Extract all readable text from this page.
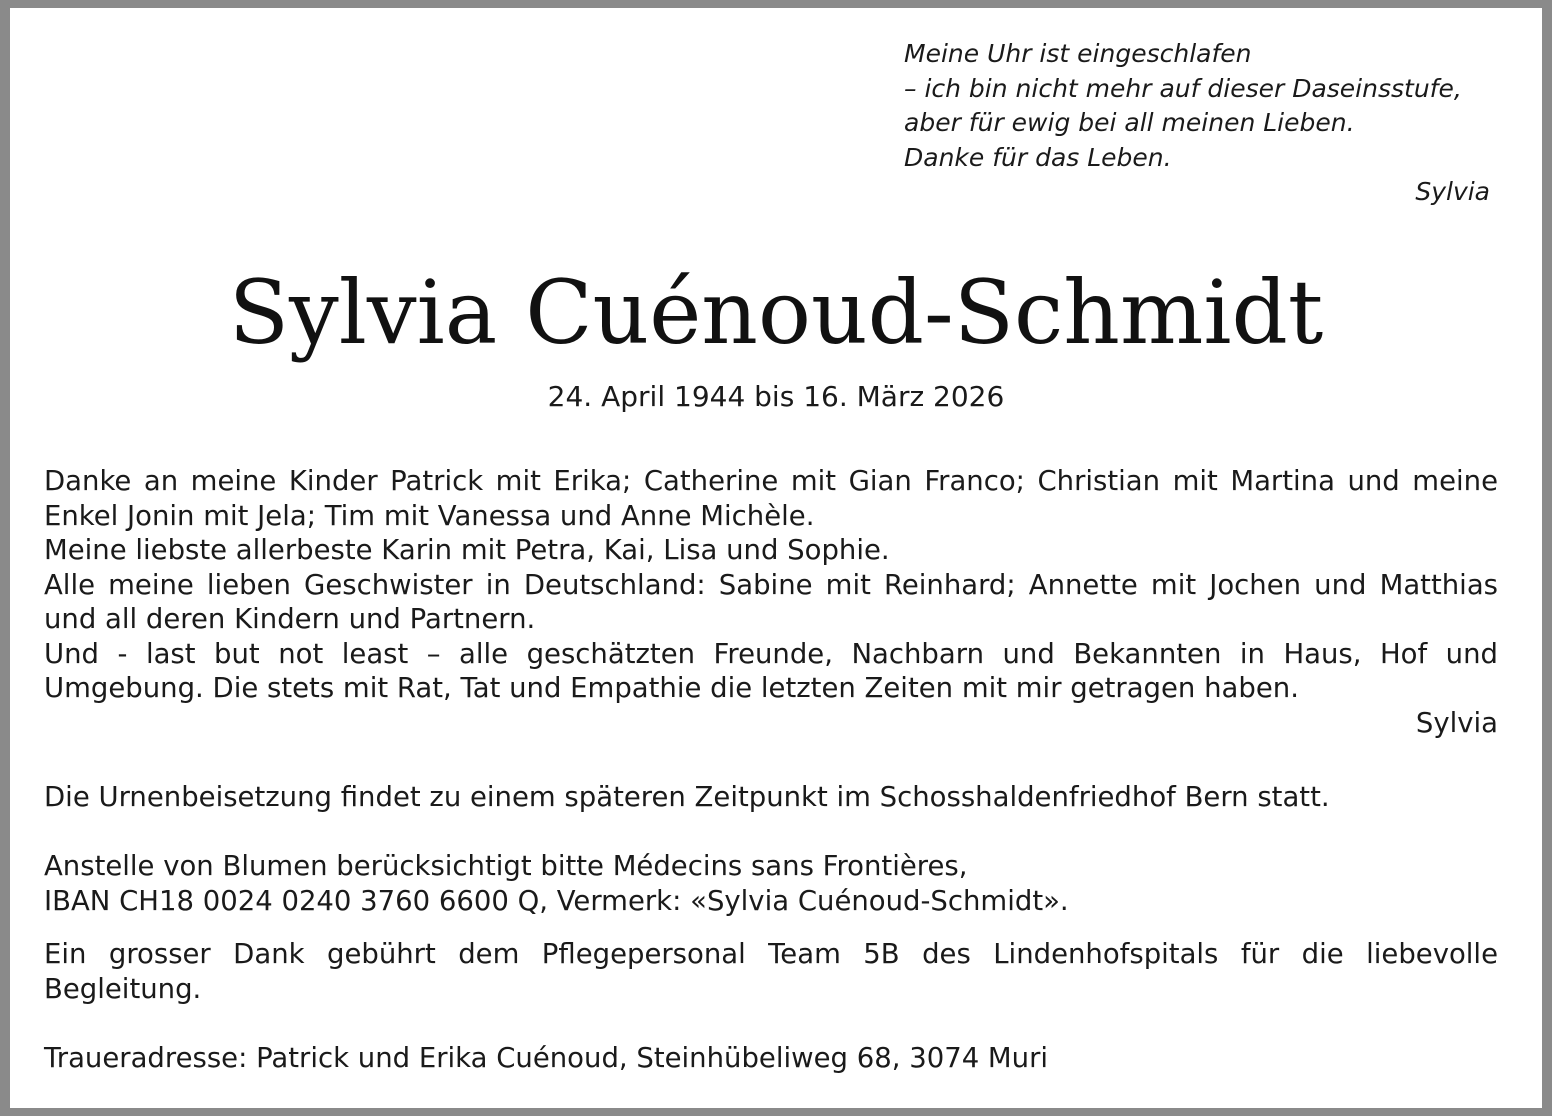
Meine Uhr ist eingeschlafen
– ich bin nicht mehr auf dieser Daseinsstufe,
aber für ewig bei all meinen Lieben.
Danke für das Leben.
Sylvia
Sylvia Cuénoud-Schmidt
24. April 1944 bis 16. März 2026
Danke an meine Kinder Patrick mit Erika; Catherine mit Gian Franco; Christian mit Martina und meine Enkel Jonin mit Jela; Tim mit Vanessa und Anne Michèle.
Meine liebste allerbeste Karin mit Petra, Kai, Lisa und Sophie.
Alle meine lieben Geschwister in Deutschland: Sabine mit Reinhard; Annette mit Jochen und Matthias und all deren Kindern und Partnern.
Und - last but not least – alle geschätzten Freunde, Nachbarn und Bekannten in Haus, Hof und Umgebung. Die stets mit Rat, Tat und Empathie die letzten Zeiten mit mir getragen haben.
Sylvia
Die Urnenbeisetzung findet zu einem späteren Zeitpunkt im Schosshaldenfriedhof Bern statt.
Anstelle von Blumen berücksichtigt bitte Médecins sans Frontières,
IBAN CH18 0024 0240 3760 6600 Q, Vermerk: «Sylvia Cuénoud-Schmidt».
Ein grosser Dank gebührt dem Pflegepersonal Team 5B des Lindenhofspitals für die liebevolle Begleitung.
Traueradresse: Patrick und Erika Cuénoud, Steinhübeliweg 68, 3074 Muri
